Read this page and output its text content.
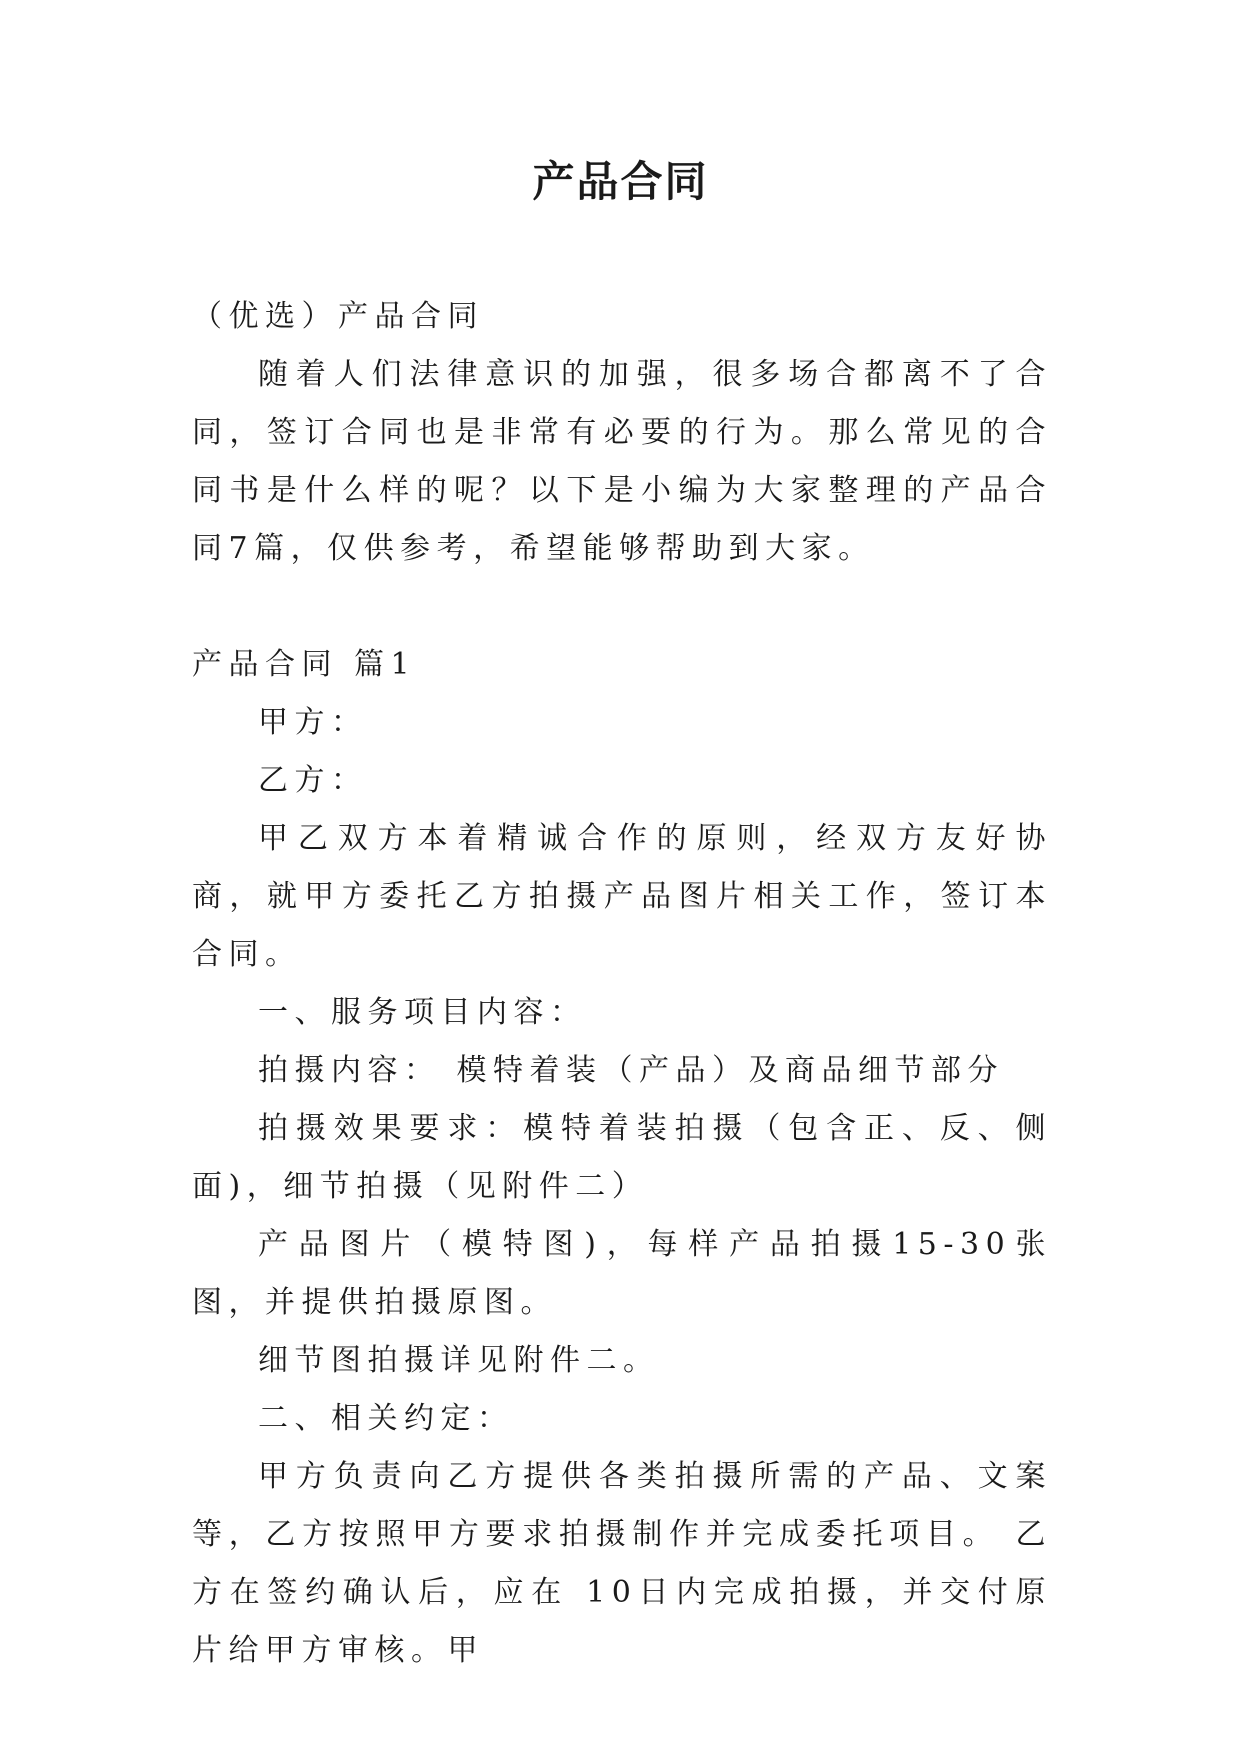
产品合同

（优选）产品合同

随着人们法律意识的加强，很多场合都离不了合同，签订合同也是非常有必要的行为。那么常见的合同书是什么样的呢？以下是小编为大家整理的产品合同7篇，仅供参考，希望能够帮助到大家。

产品合同 篇1

甲方：

乙方：

甲乙双方本着精诚合作的原则，经双方友好协商，就甲方委托乙方拍摄产品图片相关工作，签订本合同。

一、服务项目内容：

拍摄内容： 模特着装（产品）及商品细节部分

拍摄效果要求：模特着装拍摄（包含正、反、侧面)，细节拍摄（见附件二）

产品图片（模特图)，每样产品拍摄15-30张图，并提供拍摄原图。

细节图拍摄详见附件二。

二、相关约定：

甲方负责向乙方提供各类拍摄所需的产品、文案等，乙方按照甲方要求拍摄制作并完成委托项目。 乙方在签约确认后，应在 10日内完成拍摄，并交付原片给甲方审核。甲
